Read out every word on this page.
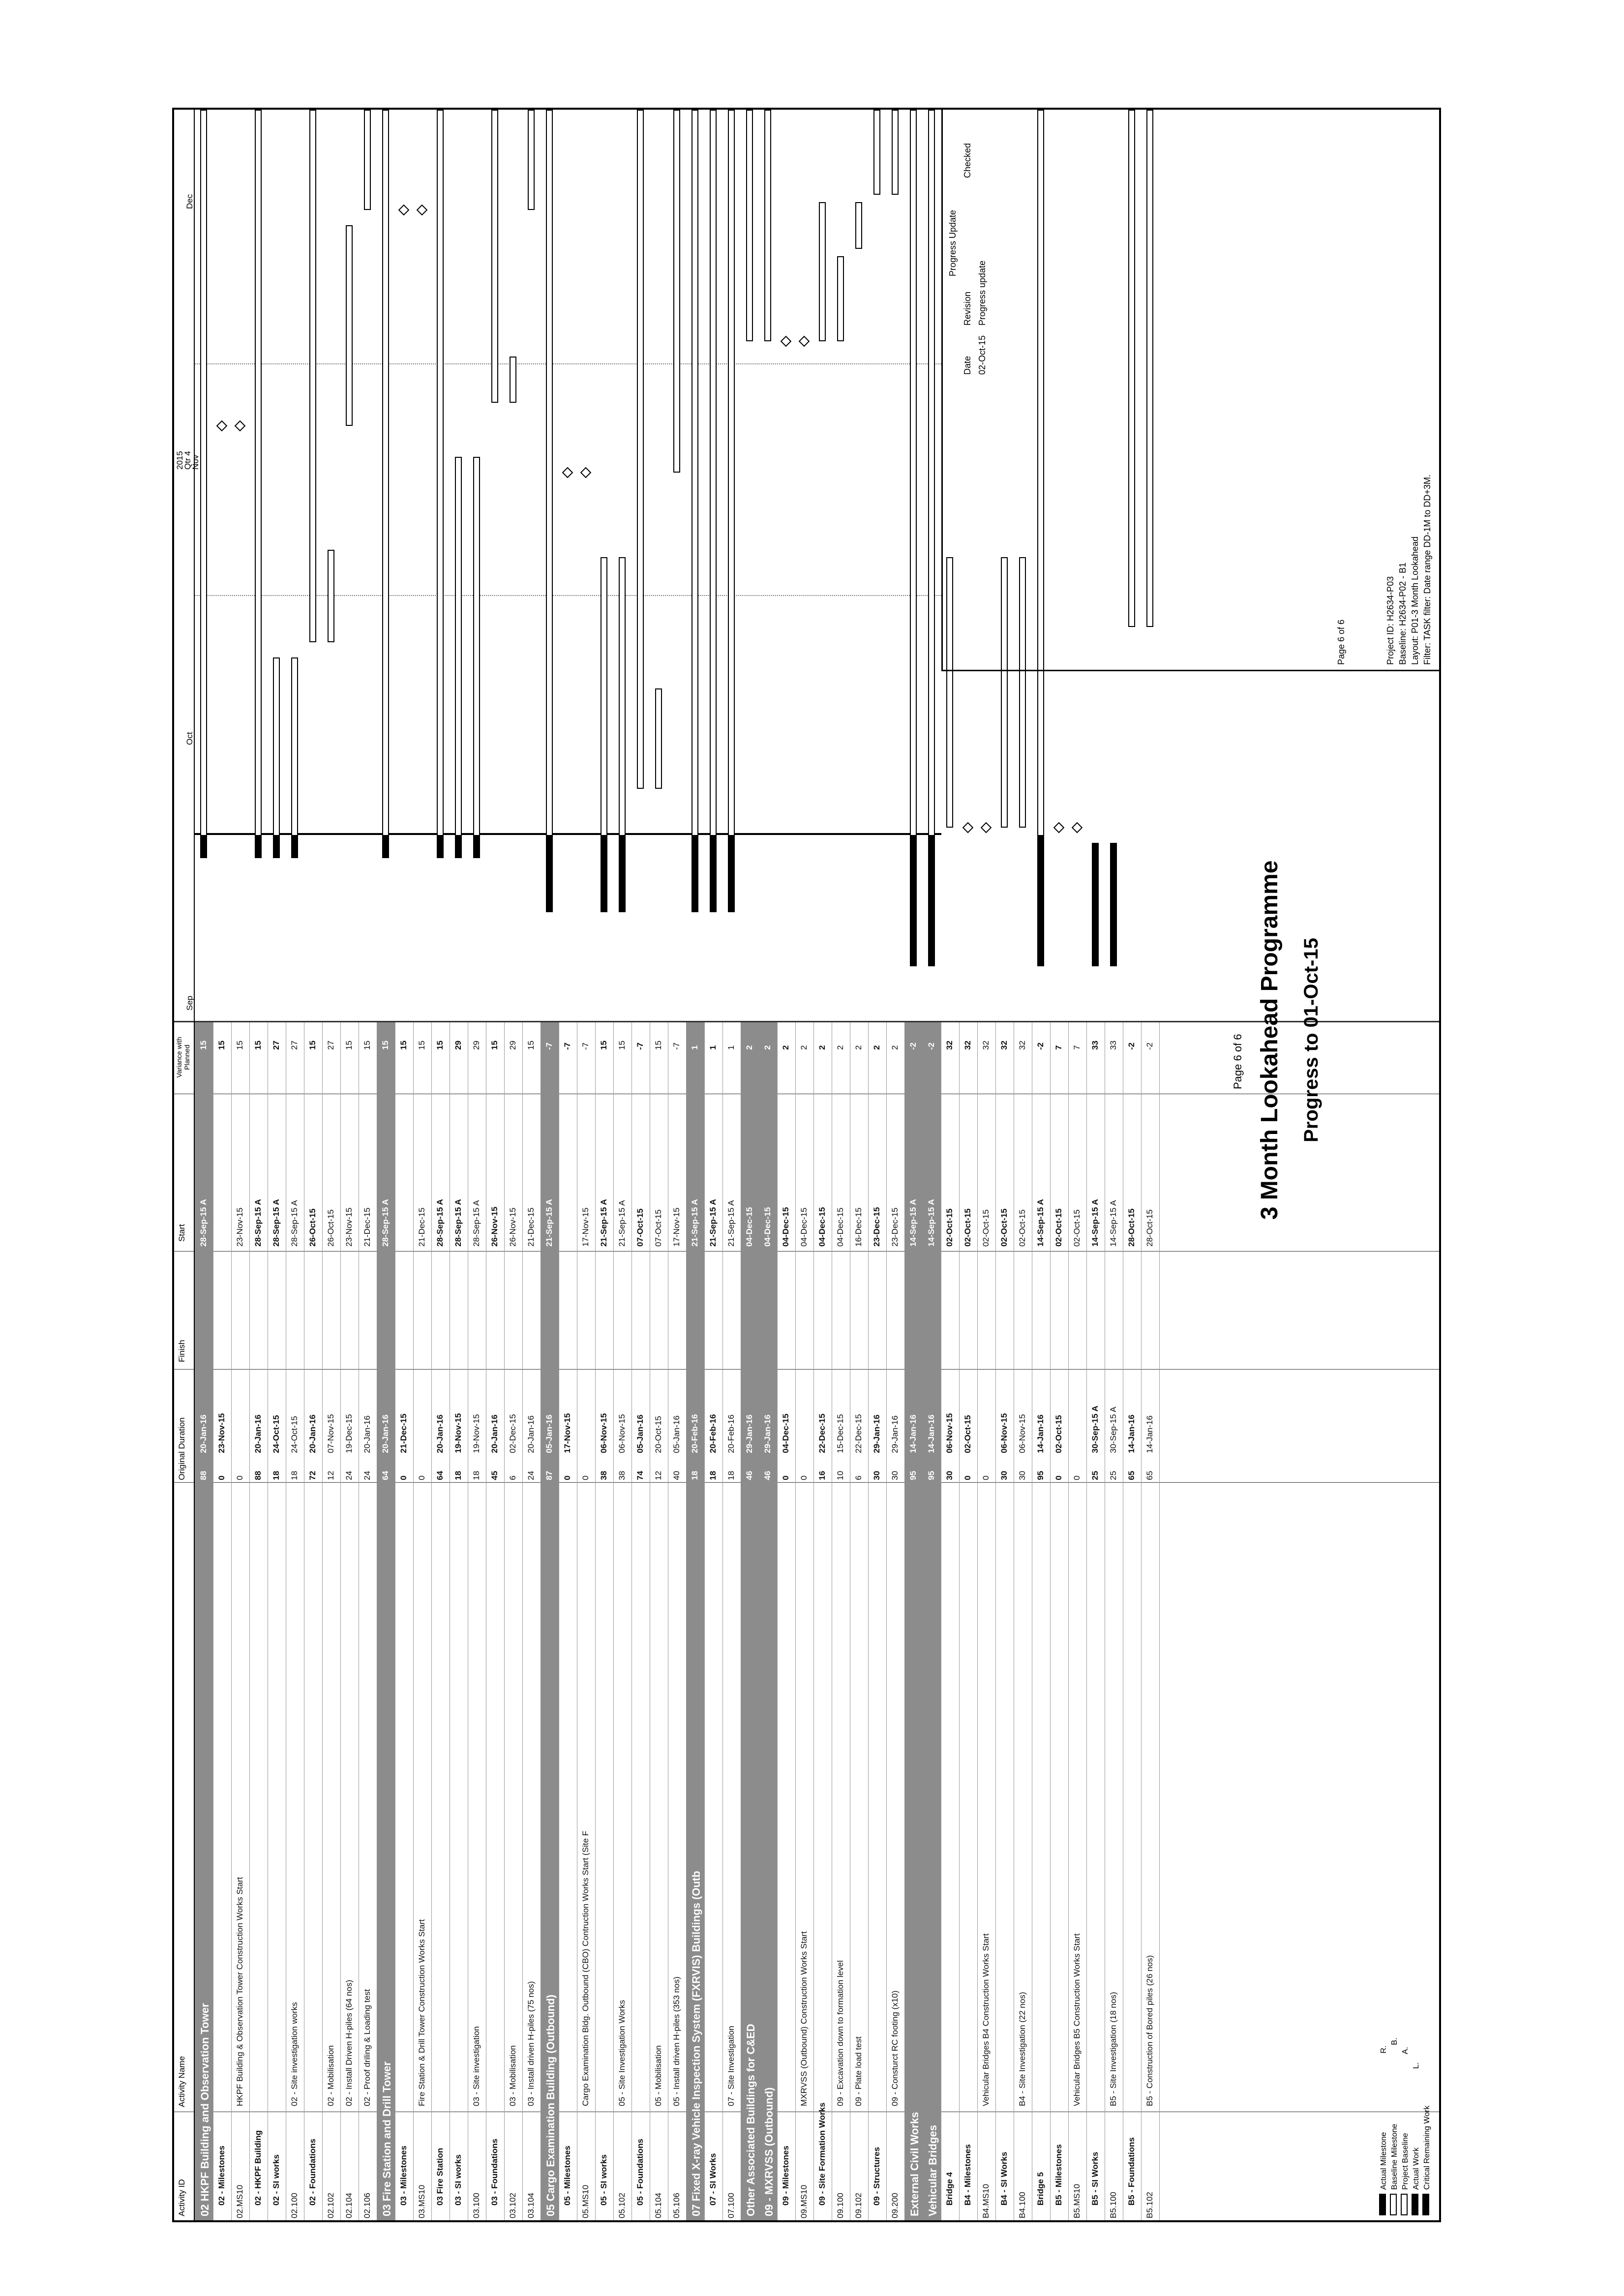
Activity ID
Activity Name
Original Duration
Finish
Start
Variance with Planned
02 HKPF Building and Observation Tower
88
20-Jan-16
28-Sep-15 A
15
02 - Milestones
0
23-Nov-15
15
02.MS10
HKPF Building & Observation Tower Construction Works Start
0
23-Nov-15
15
02 - HKPF Building
88
20-Jan-16
28-Sep-15 A
15
02 - SI works
18
24-Oct-15
28-Sep-15 A
27
02.100
02 - Site investigation works
18
24-Oct-15
28-Sep-15 A
27
02 - Foundations
72
20-Jan-16
26-Oct-15
15
02.102
02 - Mobilisation
12
07-Nov-15
26-Oct-15
27
02.104
02 - Install Driven H-piles (64 nos)
24
19-Dec-15
23-Nov-15
15
02.106
02 - Proof driling & Loading test
24
20-Jan-16
21-Dec-15
15
03 Fire Station and Drill Tower
64
20-Jan-16
28-Sep-15 A
15
03 - Milestones
0
21-Dec-15
15
03.MS10
Fire Station & Drill Tower Construction Works Start
0
21-Dec-15
15
03 Fire Station
64
20-Jan-16
28-Sep-15 A
15
03 - SI works
18
19-Nov-15
28-Sep-15 A
29
03.100
03 - Site investigation
18
19-Nov-15
28-Sep-15 A
29
03 - Foundations
45
20-Jan-16
26-Nov-15
15
03.102
03 - Mobilisation
6
02-Dec-15
26-Nov-15
29
03.104
03 - Install driven H-piles (75 nos)
24
20-Jan-16
21-Dec-15
15
05 Cargo Examination Building (Outbound)
87
05-Jan-16
21-Sep-15 A
-7
05 - Milestones
0
17-Nov-15
-7
05.MS10
Cargo Examination Bldg. Outbound (CBO) Contruction Works Start (Site F
0
17-Nov-15
-7
05 - SI works
38
06-Nov-15
21-Sep-15 A
15
05.102
05 - Site Investigation Works
38
06-Nov-15
21-Sep-15 A
15
05 - Foundations
74
05-Jan-16
07-Oct-15
-7
05.104
05 - Mobilisation
12
20-Oct-15
07-Oct-15
15
05.106
05 - Install driven H-piles (353 nos)
40
05-Jan-16
17-Nov-15
-7
07 Fixed X-ray Vehicle Inspection System (FXRVIS) Buildings (Outb
18
20-Feb-16
21-Sep-15 A
1
07 - SI Works
18
20-Feb-16
21-Sep-15 A
1
07.100
07 - Site Investigation
18
20-Feb-16
21-Sep-15 A
1
Other Associated Buildings for C&ED
46
29-Jan-16
04-Dec-15
2
09 - MXRVSS (Outbound)
46
29-Jan-16
04-Dec-15
2
09 - Milestones
0
04-Dec-15
04-Dec-15
2
09.MS10
MXRVSS (Outbound) Construction Works Start
0
04-Dec-15
2
09 - Site Formation Works
16
22-Dec-15
04-Dec-15
2
09.100
09 - Excavation down to formation level
10
15-Dec-15
04-Dec-15
2
09.102
09 - Plate load test
6
22-Dec-15
16-Dec-15
2
09 - Structures
30
29-Jan-16
23-Dec-15
2
09.200
09 - Consturct RC footing (x10)
30
29-Jan-16
23-Dec-15
2
External Civil Works
95
14-Jan-16
14-Sep-15 A
-2
Vehicular Bridges
95
14-Jan-16
14-Sep-15 A
-2
Bridge 4
30
06-Nov-15
02-Oct-15
32
B4 - Milestones
0
02-Oct-15
02-Oct-15
32
B4.MS10
Vehicular Bridges B4 Construction Works Start
0
02-Oct-15
32
B4 - SI Works
30
06-Nov-15
02-Oct-15
32
B4.100
B4 - Site Investigation (22 nos)
30
06-Nov-15
02-Oct-15
32
Bridge 5
95
14-Jan-16
14-Sep-15 A
-2
B5 - Milestones
0
02-Oct-15
02-Oct-15
7
B5.MS10
Vehicular Bridges B5 Construction Works Start
0
02-Oct-15
7
B5 - SI Works
25
30-Sep-15 A
14-Sep-15 A
33
B5.100
B5 - Site Investigation (18 nos)
25
30-Sep-15 A
14-Sep-15 A
33
B5 - Foundations
65
14-Jan-16
28-Oct-15
-2
B5.102
B5 - Construction of Bored piles (26 nos)
65
14-Jan-16
28-Oct-15
-2
2015
Qtr 4
Sep
Oct
Nov
Dec
Actual MilestoneR.
Baseline MilestoneB.
Project BaselineA.
Actual WorkL.
Critical Remaining Work
Page 6 of 6 3 Month Lookahead Programme Progress to 01-Oct-15
Project ID: H2634-P03 Baseline: H2634-P02 - B1 Layout: P01-3 Month Lookahead Filter: TASK filter: Date range DD-1M to DD+3M.
Page 6 of 6
Date
Revision
Checked
Progress Update
02-Oct-15
Progress update
